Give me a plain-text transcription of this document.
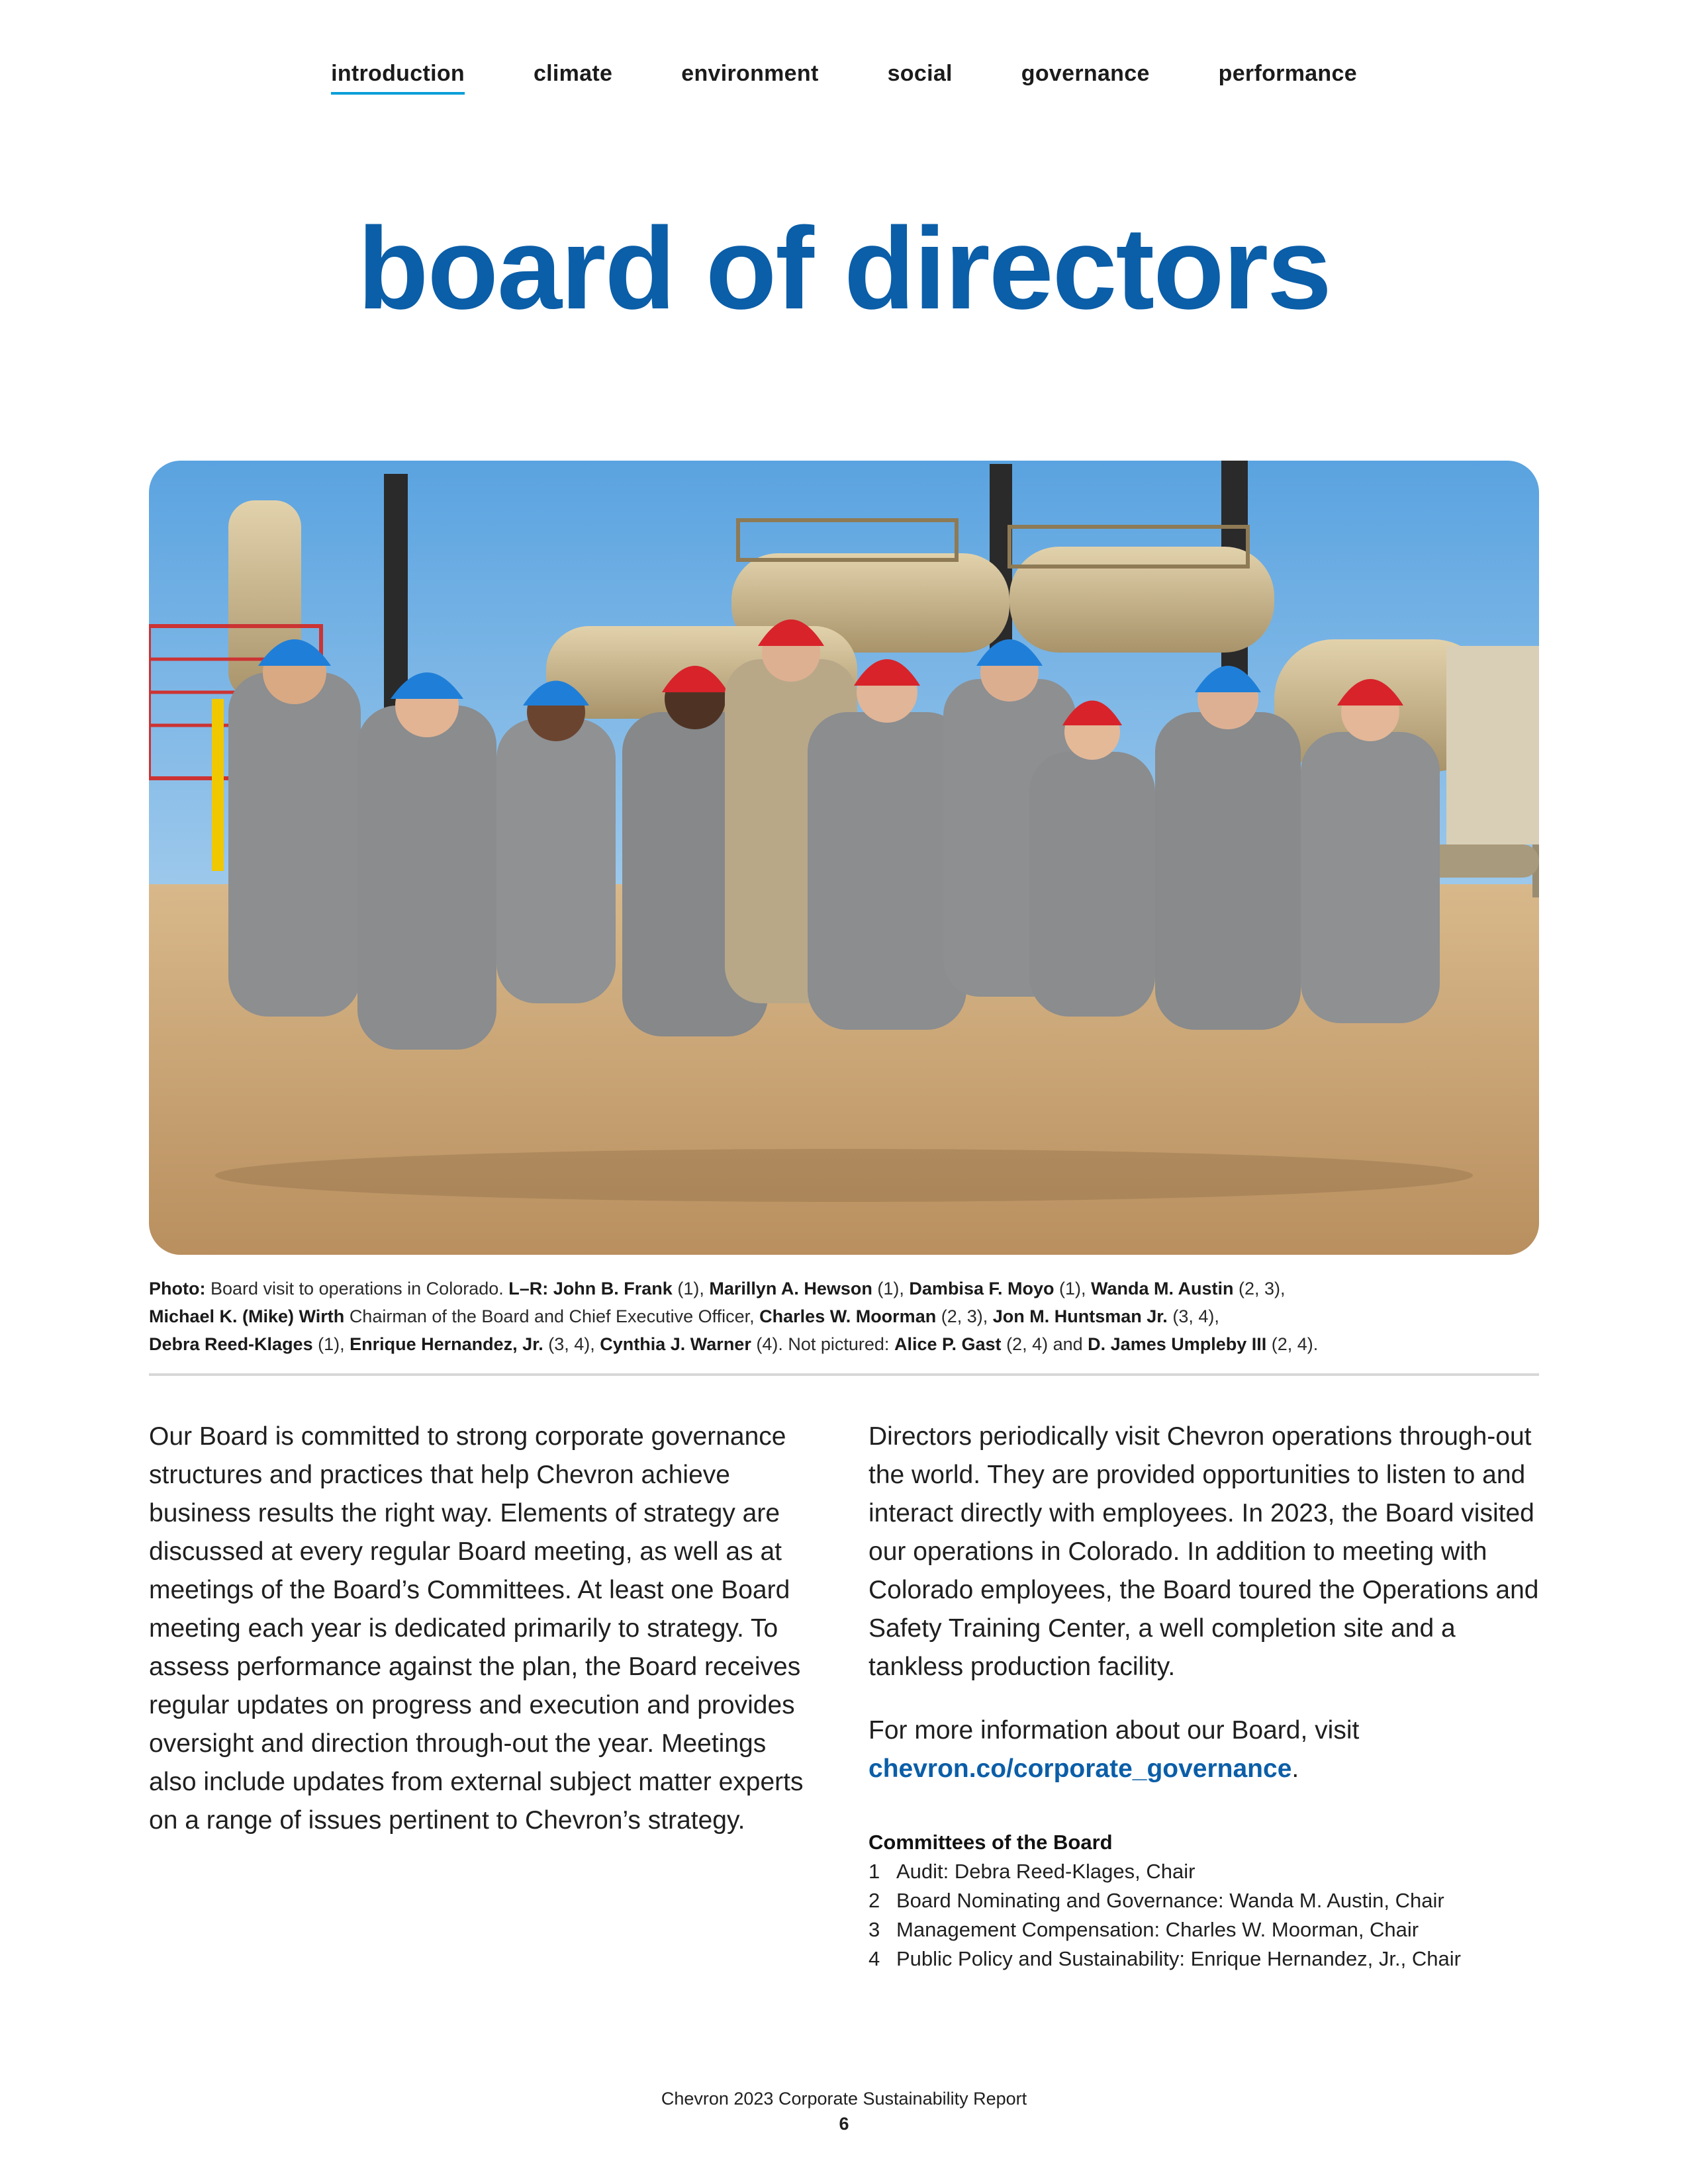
introduction	climate	environment	social	governance	performance
board of directors
Photo: Board visit to operations in Colorado. L–R: John B. Frank (1), Marillyn A. Hewson (1), Dambisa F. Moyo (1), Wanda M. Austin (2, 3),
Michael K. (Mike) Wirth Chairman of the Board and Chief Executive Officer, Charles W. Moorman (2, 3), Jon M. Huntsman Jr. (3, 4),
Debra Reed-Klages (1), Enrique Hernandez, Jr. (3, 4), Cynthia J. Warner (4). Not pictured: Alice P. Gast (2, 4) and D. James Umpleby III (2, 4).

Our Board is committed to strong corporate governance structures and practices that help Chevron achieve business results the right way. Elements of strategy are discussed at every regular Board meeting, as well as at meetings of the Board’s Committees. At least one Board meeting each year is dedicated primarily to strategy. To assess performance against the plan, the Board receives regular updates on progress and execution and provides oversight and direction through-out the year. Meetings also include updates from external subject matter experts on a range of issues pertinent to Chevron’s strategy.

Directors periodically visit Chevron operations through-out the world. They are provided opportunities to listen to and interact directly with employees. In 2023, the Board visited our operations in Colorado. In addition to meeting with Colorado employees, the Board toured the Operations and Safety Training Center, a well completion site and a tankless production facility.

For more information about our Board, visit chevron.co/corporate_governance.

Committees of the Board
1 Audit: Debra Reed-Klages, Chair
2 Board Nominating and Governance: Wanda M. Austin, Chair
3 Management Compensation: Charles W. Moorman, Chair
4 Public Policy and Sustainability: Enrique Hernandez, Jr., Chair
Chevron 2023 Corporate Sustainability Report
6
